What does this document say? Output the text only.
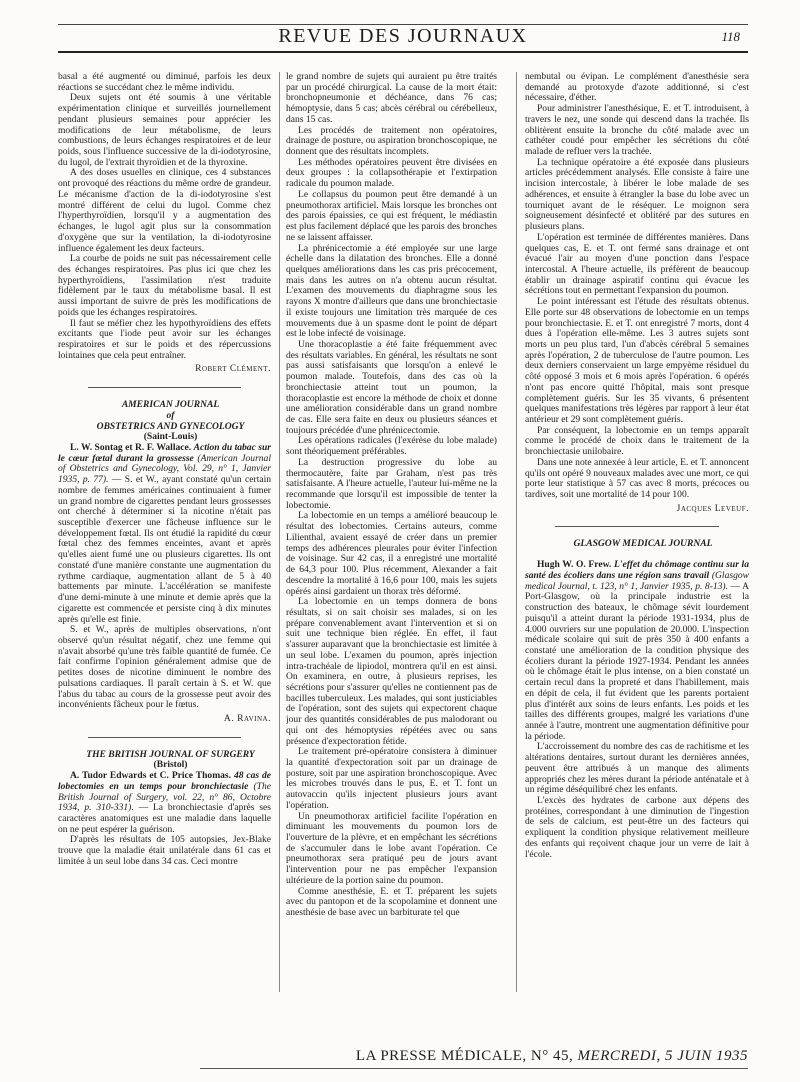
REVUE DES JOURNAUX	118

basal a été augmenté ou diminué, parfois les deux réactions se succédant chez le même individu.

Deux sujets ont été soumis à une véritable expérimentation clinique et surveillés journellement pendant plusieurs semaines pour apprécier les modifications de leur métabolisme, de leurs combustions, de leurs échanges respiratoires et de leur poids, sous l'influence successive de la di-iodotyrosine, du lugol, de l'extrait thyroïdien et de la thyroxine.

A des doses usuelles en clinique, ces 4 substances ont provoqué des réactions du même ordre de grandeur. Le mécanisme d'action de la di-iodotyrosine s'est montré différent de celui du lugol. Comme chez l'hyperthyroïdien, lorsqu'il y a augmentation des échanges, le lugol agit plus sur la consommation d'oxygène que sur la ventilation, la di-iodotyrosine influence également les deux facteurs.

La courbe de poids ne suit pas nécessairement celle des échanges respiratoires. Pas plus ici que chez les hyperthyroïdiens, l'assimilation n'est traduite fidèlement par le taux du métabolisme basal. Il est aussi important de suivre de près les modifications de poids que les échanges respiratoires.

Il faut se méfier chez les hypothyroïdiens des effets excitants que l'iode peut avoir sur les échanges respiratoires et sur le poids et des répercussions lointaines que cela peut entraîner.

Robert Clément.

AMERICAN JOURNAL

of

OBSTETRICS AND GYNECOLOGY

(Saint-Louis)

L. W. Sontag et R. F. Wallace. Action du tabac sur le cœur fœtal durant la grossesse (American Journal of Obstetrics and Gynecology, Vol. 29, n° 1, Janvier 1935, p. 77). — S. et W., ayant constaté qu'un certain nombre de femmes américaines continuaient à fumer un grand nombre de cigarettes pendant leurs grossesses ont cherché à déterminer si la nicotine n'était pas susceptible d'exercer une fâcheuse influence sur le développement fœtal. Ils ont étudié la rapidité du cœur fœtal chez des femmes enceintes, avant et après qu'elles aient fumé une ou plusieurs cigarettes. Ils ont constaté d'une manière constante une augmentation du rythme cardiaque, augmentation allant de 5 à 40 battements par minute. L'accélération se manifeste d'une demi-minute à une minute et demie après que la cigarette est commencée et persiste cinq à dix minutes après qu'elle est finie.

S. et W., après de multiples observations, n'ont observé qu'un résultat négatif, chez une femme qui n'avait absorbé qu'une très faible quantité de fumée. Ce fait confirme l'opinion généralement admise que de petites doses de nicotine diminuent le nombre des pulsations cardiaques. Il paraît certain à S. et W. que l'abus du tabac au cours de la grossesse peut avoir des inconvénients fâcheux pour le fœtus.

A. Ravina.

THE BRITISH JOURNAL OF SURGERY

(Bristol)

A. Tudor Edwards et C. Price Thomas. 48 cas de lobectomies en un temps pour bronchiectasie (The British Journal of Surgery, vol. 22, n° 86, Octobre 1934, p. 310-331). — La bronchiectasie d'après ses caractères anatomiques est une maladie dans laquelle on ne peut espérer la guérison.

D'après les résultats de 105 autopsies, Jex-Blake trouve que la maladie était unilatérale dans 61 cas et limitée à un seul lobe dans 34 cas. Ceci montre

le grand nombre de sujets qui auraient pu être traités par un procédé chirurgical. La cause de la mort était: bronchopneumonie et déchéance, dans 76 cas; hémoptysie, dans 5 cas; abcès cérébral ou cérébelleux, dans 15 cas.

Les procédés de traitement non opératoires, drainage de posture, ou aspiration bronchoscopique, ne donnent que des résultats incomplets.

Les méthodes opératoires peuvent être divisées en deux groupes : la collapsothérapie et l'extirpation radicale du poumon malade.

Le collapsus du poumon peut être demandé à un pneumothorax artificiel. Mais lorsque les bronches ont des parois épaissies, ce qui est fréquent, le médiastin est plus facilement déplacé que les parois des bronches ne se laissent affaisser.

La phrénicectomie a été employée sur une large échelle dans la dilatation des bronches. Elle a donné quelques améliorations dans les cas pris précocement, mais dans les autres on n'a obtenu aucun résultat. L'examen des mouvements du diaphragme sous les rayons X montre d'ailleurs que dans une bronchiectasie il existe toujours une limitation très marquée de ces mouvements due à un spasme dont le point de départ est le lobe infecté de voisinage.

Une thoracoplastie a été faite fréquemment avec des résultats variables. En général, les résultats ne sont pas aussi satisfaisants que lorsqu'on a enlevé le poumon malade. Toutefois, dans des cas où la bronchiectasie atteint tout un poumon, la thoracoplastie est encore la méthode de choix et donne une amélioration considérable dans un grand nombre de cas. Elle sera faite en deux ou plusieurs séances et toujours précédée d'une phrénicectomie.

Les opérations radicales (l'exérèse du lobe malade) sont théoriquement préférables.

La destruction progressive du lobe au thermocautère, faite par Graham, n'est pas très satisfaisante. A l'heure actuelle, l'auteur lui-même ne la recommande que lorsqu'il est impossible de tenter la lobectomie.

La lobectomie en un temps a amélioré beaucoup le résultat des lobectomies. Certains auteurs, comme Lilienthal, avaient essayé de créer dans un premier temps des adhérences pleurales pour éviter l'infection de voisinage. Sur 42 cas, il a enregistré une mortalité de 64,3 pour 100. Plus récemment, Alexander a fait descendre la mortalité à 16,6 pour 100, mais les sujets opérés ainsi gardaient un thorax très déformé.

La lobectomie en un temps donnera de bons résultats, si on sait choisir ses malades, si on les prépare convenablement avant l'intervention et si on suit une technique bien réglée. En effet, il faut s'assurer auparavant que la bronchiectasie est limitée à un seul lobe. L'examen du poumon, après injection intra-trachéale de lipiodol, montrera qu'il en est ainsi. On examinera, en outre, à plusieurs reprises, les sécrétions pour s'assurer qu'elles ne contiennent pas de bacilles tuberculeux. Les malades, qui sont justiciables de l'opération, sont des sujets qui expectorent chaque jour des quantités considérables de pus malodorant ou qui ont des hémoptysies répétées avec ou sans présence d'expectoration fétide.

Le traitement pré-opératoire consistera à diminuer la quantité d'expectoration soit par un drainage de posture, soit par une aspiration bronchoscopique. Avec les microbes trouvés dans le pus, E. et T. font un autovaccin qu'ils injectent plusieurs jours avant l'opération.

Un pneumothorax artificiel facilite l'opération en diminuant les mouvements du poumon lors de l'ouverture de la plèvre, et en empêchant les sécrétions de s'accumuler dans le lobe avant l'opération. Ce pneumothorax sera pratiqué peu de jours avant l'intervention pour ne pas empêcher l'expansion ultérieure de la portion saine du poumon.

Comme anesthésie, E. et T. préparent les sujets avec du pantopon et de la scopolamine et donnent une anesthésie de base avec un barbiturate tel que

nembutal ou évipan. Le complément d'anesthésie sera demandé au protoxyde d'azote additionné, si c'est nécessaire, d'éther.

Pour administrer l'anesthésique, E. et T. introduisent, à travers le nez, une sonde qui descend dans la trachée. Ils oblitèrent ensuite la bronche du côté malade avec un cathéter coudé pour empêcher les sécrétions du côté malade de refluer vers la trachée.

La technique opératoire a été exposée dans plusieurs articles précédemment analysés. Elle consiste à faire une incision intercostale, à libérer le lobe malade de ses adhérences, et ensuite à étrangler la base du lobe avec un tourniquet avant de le réséquer. Le moignon sera soigneusement désinfecté et oblitéré par des sutures en plusieurs plans.

L'opération est terminée de différentes manières. Dans quelques cas, E. et T. ont fermé sans drainage et ont évacué l'air au moyen d'une ponction dans l'espace intercostal. A l'heure actuelle, ils préfèrent de beaucoup établir un drainage aspiratif continu qui évacue les sécrétions tout en permettant l'expansion du poumon.

Le point intéressant est l'étude des résultats obtenus. Elle porte sur 48 observations de lobectomie en un temps pour bronchiectasie. E. et T. ont enregistré 7 morts, dont 4 dues à l'opération elle-même. Les 3 autres sujets sont morts un peu plus tard, l'un d'abcès cérébral 5 semaines après l'opération, 2 de tuberculose de l'autre poumon. Les deux derniers conservaient un large empyème résiduel du côté opposé 3 mois et 6 mois après l'opération. 6 opérés n'ont pas encore quitté l'hôpital, mais sont presque complètement guéris. Sur les 35 vivants, 6 présentent quelques manifestations très légères par rapport à leur état antérieur et 29 sont complètement guéris.

Par conséquent, la lobectomie en un temps apparaît comme le procédé de choix dans le traitement de la bronchiectasie unilobaire.

Dans une note annexée à leur article, E. et T. annoncent qu'ils ont opéré 9 nouveaux malades avec une mort, ce qui porte leur statistique à 57 cas avec 8 morts, précoces ou tardives, soit une mortalité de 14 pour 100.

Jacques Leveuf.

GLASGOW MEDICAL JOURNAL

Hugh W. O. Frew. L'effet du chômage continu sur la santé des écoliers dans une région sans travail (Glasgow medical Journal, t. 123, n° 1, Janvier 1935, p. 8-13). — A Port-Glasgow, où la principale industrie est la construction des bateaux, le chômage sévit lourdement puisqu'il a atteint durant la période 1931-1934, plus de 4.000 ouvriers sur une population de 20.000. L'inspection médicale scolaire qui suit de près 350 à 400 enfants a constaté une amélioration de la condition physique des écoliers durant la période 1927-1934. Pendant les années où le chômage était le plus intense, on a bien constaté un certain recul dans la propreté et dans l'habillement, mais en dépit de cela, il fut évident que les parents portaient plus d'intérêt aux soins de leurs enfants. Les poids et les tailles des différents groupes, malgré les variations d'une année à l'autre, montrent une augmentation définitive pour la période.

L'accroissement du nombre des cas de rachitisme et les altérations dentaires, surtout durant les dernières années, peuvent être attribués à un manque des aliments appropriés chez les mères durant la période anténatale et à un régime déséquilibré chez les enfants.

L'excès des hydrates de carbone aux dépens des protéines, correspondant à une diminution de l'ingestion de sels de calcium, est peut-être un des facteurs qui expliquent la condition physique relativement meilleure des enfants qui reçoivent chaque jour un verre de lait à l'école.

LA PRESSE MÉDICALE, N° 45, MERCREDI, 5 JUIN 1935
